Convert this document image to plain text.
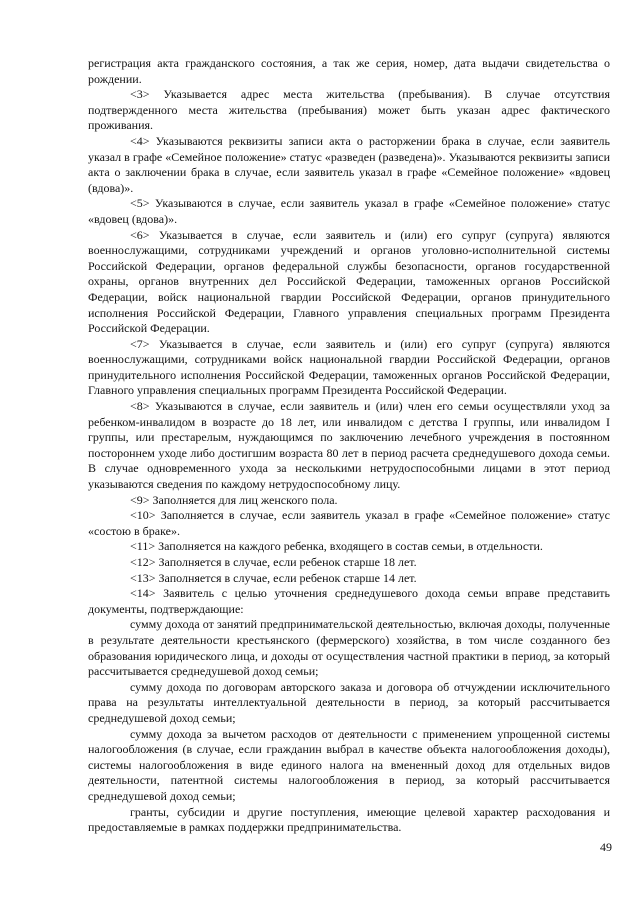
регистрация акта гражданского состояния, а так же серия, номер, дата выдачи свидетельства о рождении.

<3> Указывается адрес места жительства (пребывания). В случае отсутствия подтвержденного места жительства (пребывания) может быть указан адрес фактического проживания.

<4> Указываются реквизиты записи акта о расторжении брака в случае, если заявитель указал в графе «Семейное положение» статус «разведен (разведена)». Указываются реквизиты записи акта о заключении брака в случае, если заявитель указал в графе «Семейное положение» «вдовец (вдова)».

<5> Указываются в случае, если заявитель указал в графе «Семейное положение» статус «вдовец (вдова)».

<6> Указывается в случае, если заявитель и (или) его супруг (супруга) являются военнослужащими, сотрудниками учреждений и органов уголовно-исполнительной системы Российской Федерации, органов федеральной службы безопасности, органов государственной охраны, органов внутренних дел Российской Федерации, таможенных органов Российской Федерации, войск национальной гвардии Российской Федерации, органов принудительного исполнения Российской Федерации, Главного управления специальных программ Президента Российской Федерации.

<7> Указывается в случае, если заявитель и (или) его супруг (супруга) являются военнослужащими, сотрудниками войск национальной гвардии Российской Федерации, органов принудительного исполнения Российской Федерации, таможенных органов Российской Федерации, Главного управления специальных программ Президента Российской Федерации.

<8> Указываются в случае, если заявитель и (или) член его семьи осуществляли уход за ребенком-инвалидом в возрасте до 18 лет, или инвалидом с детства I группы, или инвалидом I группы, или престарелым, нуждающимся по заключению лечебного учреждения в постоянном постороннем уходе либо достигшим возраста 80 лет в период расчета среднедушевого дохода семьи. В случае одновременного ухода за несколькими нетрудоспособными лицами в этот период указываются сведения по каждому нетрудоспособному лицу.

<9> Заполняется для лиц женского пола.

<10> Заполняется в случае, если заявитель указал в графе «Семейное положение» статус «состою в браке».

<11> Заполняется на каждого ребенка, входящего в состав семьи, в отдельности.

<12> Заполняется в случае, если ребенок старше 18 лет.

<13> Заполняется в случае, если ребенок старше 14 лет.

<14> Заявитель с целью уточнения среднедушевого дохода семьи вправе представить документы, подтверждающие:

сумму дохода от занятий предпринимательской деятельностью, включая доходы, полученные в результате деятельности крестьянского (фермерского) хозяйства, в том числе созданного без образования юридического лица, и доходы от осуществления частной практики в период, за который рассчитывается среднедушевой доход семьи;

сумму дохода по договорам авторского заказа и договора об отчуждении исключительного права на результаты интеллектуальной деятельности в период, за который рассчитывается среднедушевой доход семьи;

сумму дохода за вычетом расходов от деятельности с применением упрощенной системы налогообложения (в случае, если гражданин выбрал в качестве объекта налогообложения доходы), системы налогообложения в виде единого налога на вмененный доход для отдельных видов деятельности, патентной системы налогообложения в период, за который рассчитывается среднедушевой доход семьи;

гранты, субсидии и другие поступления, имеющие целевой характер расходования и предоставляемые в рамках поддержки предпринимательства.

49
